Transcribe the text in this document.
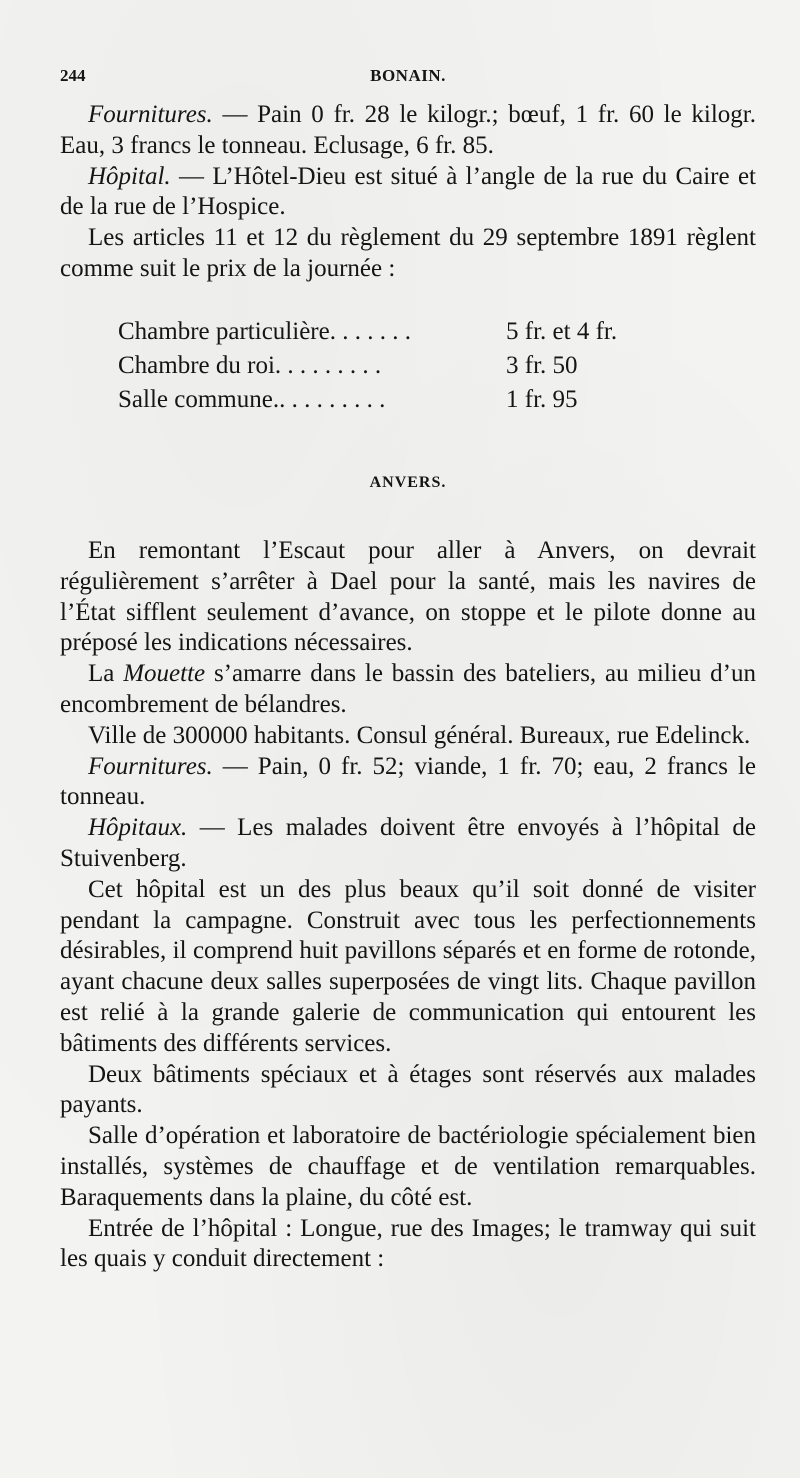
244	BONAIN.

Fournitures. — Pain 0 fr. 28 le kilogr.; bœuf, 1 fr. 60 le kilogr. Eau, 3 francs le tonneau. Eclusage, 6 fr. 85.

Hôpital. — L’Hôtel-Dieu est situé à l’angle de la rue du Caire et de la rue de l’Hospice.

Les articles 11 et 12 du règlement du 29 septembre 1891 règlent comme suit le prix de la journée :

Chambre particulière. . . . . . .	5 fr. et 4 fr.
Chambre du roi. . . . . . . . .	3 fr. 50
Salle commune.. . . . . . . . .	1 fr. 95
ANVERS.

En remontant l’Escaut pour aller à Anvers, on devrait régulièrement s’arrêter à Dael pour la santé, mais les navires de l’État sifflent seulement d’avance, on stoppe et le pilote donne au préposé les indications nécessaires.

La Mouette s’amarre dans le bassin des bateliers, au milieu d’un encombrement de bélandres.

Ville de 300000 habitants. Consul général. Bureaux, rue Edelinck.

Fournitures. — Pain, 0 fr. 52; viande, 1 fr. 70; eau, 2 francs le tonneau.

Hôpitaux. — Les malades doivent être envoyés à l’hôpital de Stuivenberg.

Cet hôpital est un des plus beaux qu’il soit donné de visiter pendant la campagne. Construit avec tous les perfectionnements désirables, il comprend huit pavillons séparés et en forme de rotonde, ayant chacune deux salles superposées de vingt lits. Chaque pavillon est relié à la grande galerie de communication qui entourent les bâtiments des différents services.

Deux bâtiments spéciaux et à étages sont réservés aux malades payants.

Salle d’opération et laboratoire de bactériologie spécialement bien installés, systèmes de chauffage et de ventilation remarquables. Baraquements dans la plaine, du côté est.

Entrée de l’hôpital : Longue, rue des Images; le tramway qui suit les quais y conduit directement :
